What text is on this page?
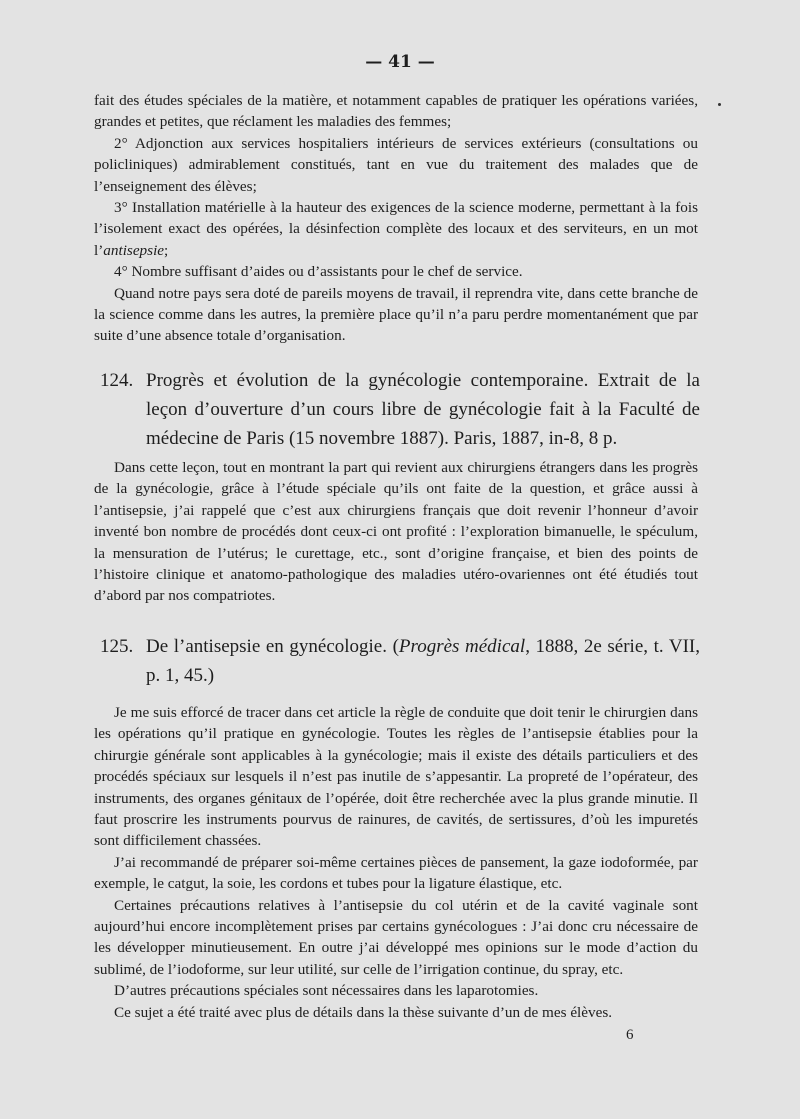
— 41 —

fait des études spéciales de la matière, et notamment capables de pratiquer les opérations variées, grandes et petites, que réclament les maladies des femmes;

2° Adjonction aux services hospitaliers intérieurs de services extérieurs (consultations ou policliniques) admirablement constitués, tant en vue du traitement des malades que de l’enseignement des élèves;

3° Installation matérielle à la hauteur des exigences de la science moderne, permettant à la fois l’isolement exact des opérées, la désinfection complète des locaux et des serviteurs, en un mot l’antisepsie;

4° Nombre suffisant d’aides ou d’assistants pour le chef de service.

Quand notre pays sera doté de pareils moyens de travail, il reprendra vite, dans cette branche de la science comme dans les autres, la première place qu’il n’a paru perdre momentanément que par suite d’une absence totale d’organisation.

124. Progrès et évolution de la gynécologie contemporaine. Extrait de la leçon d’ouverture d’un cours libre de gynécologie fait à la Faculté de médecine de Paris (15 novembre 1887). Paris, 1887, in-8, 8 p.

Dans cette leçon, tout en montrant la part qui revient aux chirurgiens étrangers dans les progrès de la gynécologie, grâce à l’étude spéciale qu’ils ont faite de la question, et grâce aussi à l’antisepsie, j’ai rappelé que c’est aux chirurgiens français que doit revenir l’honneur d’avoir inventé bon nombre de procédés dont ceux-ci ont profité : l’exploration bimanuelle, le spéculum, la mensuration de l’utérus; le curettage, etc., sont d’origine française, et bien des points de l’histoire clinique et anatomo-pathologique des maladies utéro-ovariennes ont été étudiés tout d’abord par nos compatriotes.

125. De l’antisepsie en gynécologie. (Progrès médical, 1888, 2e série, t. VII, p. 1, 45.)

Je me suis efforcé de tracer dans cet article la règle de conduite que doit tenir le chirurgien dans les opérations qu’il pratique en gynécologie. Toutes les règles de l’antisepsie établies pour la chirurgie générale sont applicables à la gynécologie; mais il existe des détails particuliers et des procédés spéciaux sur lesquels il n’est pas inutile de s’appesantir. La propreté de l’opérateur, des instruments, des organes génitaux de l’opérée, doit être recherchée avec la plus grande minutie. Il faut proscrire les instruments pourvus de rainures, de cavités, de sertissures, d’où les impuretés sont difficilement chassées.

J’ai recommandé de préparer soi-même certaines pièces de pansement, la gaze iodoformée, par exemple, le catgut, la soie, les cordons et tubes pour la ligature élastique, etc.

Certaines précautions relatives à l’antisepsie du col utérin et de la cavité vaginale sont aujourd’hui encore incomplètement prises par certains gynécologues : J’ai donc cru nécessaire de les développer minutieusement. En outre j’ai développé mes opinions sur le mode d’action du sublimé, de l’iodoforme, sur leur utilité, sur celle de l’irrigation continue, du spray, etc.

D’autres précautions spéciales sont nécessaires dans les laparotomies.

Ce sujet a été traité avec plus de détails dans la thèse suivante d’un de mes élèves.

6
